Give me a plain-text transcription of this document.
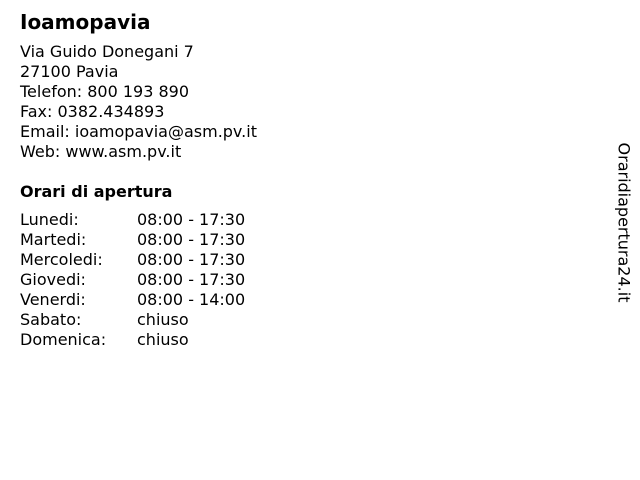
Ioamopavia
Via Guido Donegani 7
27100 Pavia
Telefon: 800 193 890
Fax: 0382.434893
Email: ioamopavia@asm.pv.it
Web: www.asm.pv.it
Orari di apertura
Lunedi:	08:00 - 17:30
Martedi:	08:00 - 17:30
Mercoledi:	08:00 - 17:30
Giovedi:	08:00 - 17:30
Venerdi:	08:00 - 14:00
Sabato:	chiuso
Domenica:	chiuso
Oraridiapertura24.it
